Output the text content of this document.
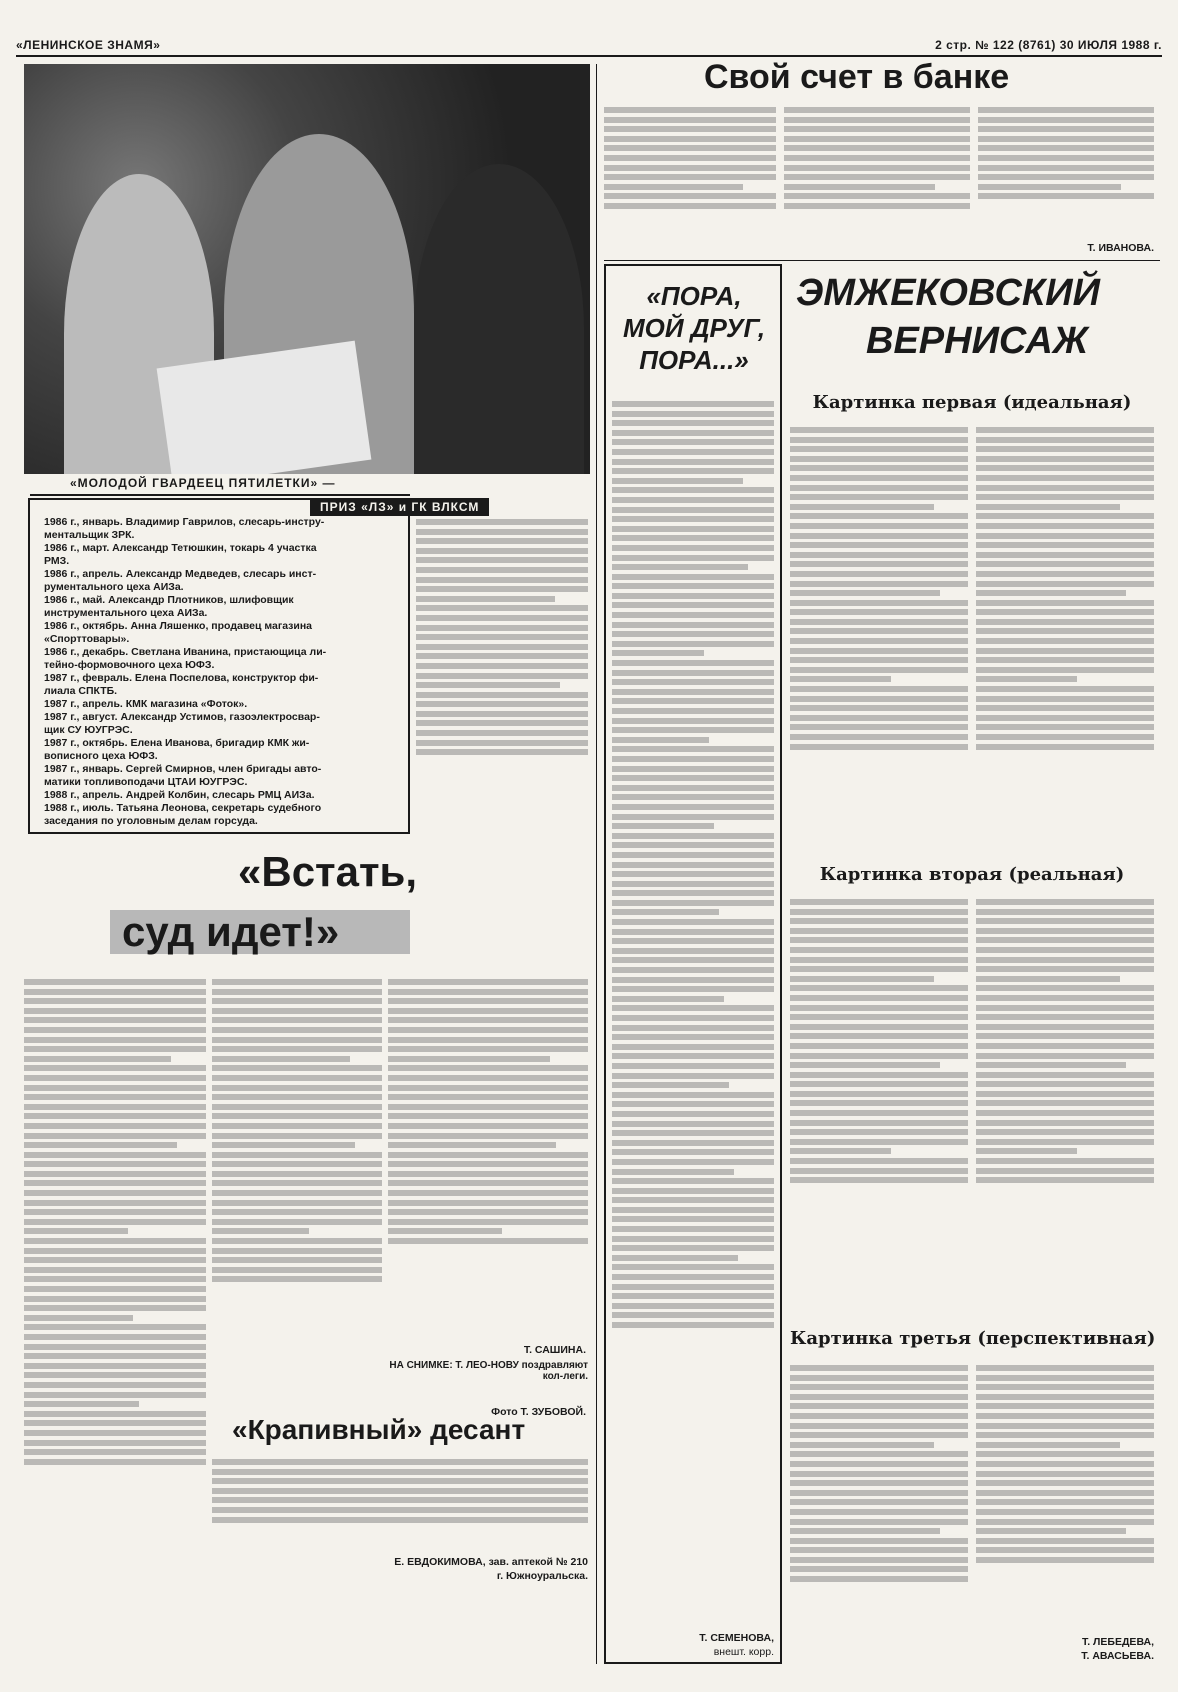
«ЛЕНИНСКОЕ ЗНАМЯ»	2 стр. № 122 (8761) 30 ИЮЛЯ 1988 г.
«МОЛОДОЙ ГВАРДЕЕЦ ПЯТИЛЕТКИ» —
ПРИЗ «ЛЗ» и ГК ВЛКСМ
1986 г., январь. Владимир Гаврилов, слесарь-инстру-
ментальщик ЗРК.
1986 г., март. Александр Тетюшкин, токарь 4 участка
РМЗ.
1986 г., апрель. Александр Медведев, слесарь инст-
рументального цеха АИЗа.
1986 г., май. Александр Плотников, шлифовщик
инструментального цеха АИЗа.
1986 г., октябрь. Анна Ляшенко, продавец магазина
«Спорттовары».
1986 г., декабрь. Светлана Иванина, пристающица ли-
тейно-формовочного цеха ЮФЗ.
1987 г., февраль. Елена Поспелова, конструктор фи-
лиала СПКТБ.
1987 г., апрель. КМК магазина «Фоток».
1987 г., август. Александр Устимов, газоэлектросвар-
щик СУ ЮУГРЭС.
1987 г., октябрь. Елена Иванова, бригадир КМК жи-
вописного цеха ЮФЗ.
1987 г., январь. Сергей Смирнов, член бригады авто-
матики топливоподачи ЦТАИ ЮУГРЭС.
1988 г., апрель. Андрей Колбин, слесарь РМЦ АИЗа.
1988 г., июль. Татьяна Леонова, секретарь судебного
заседания по уголовным делам горсуда.
«Встать,
суд идет!»
Т. САШИНА.
НА СНИМКЕ: Т. ЛЕО-НОВУ поздравляют кол-леги.
Фото Т. ЗУБОВОЙ.
«Крапивный» десант
Е. ЕВДОКИМОВА, зав. аптекой № 210
г. Южноуральска.
Свой счет в банке
Т. ИВАНОВА.
«ПОРА, МОЙ ДРУГ, ПОРА...»
Т. СЕМЕНОВА,
внешт. корр.
ЭМЖЕКОВСКИЙ
ВЕРНИСАЖ
Картинка первая (идеальная)
Картинка вторая (реальная)
Картинка третья (перспективная)
Т. ЛЕБЕДЕВА,
Т. АВАСЬЕВА.
